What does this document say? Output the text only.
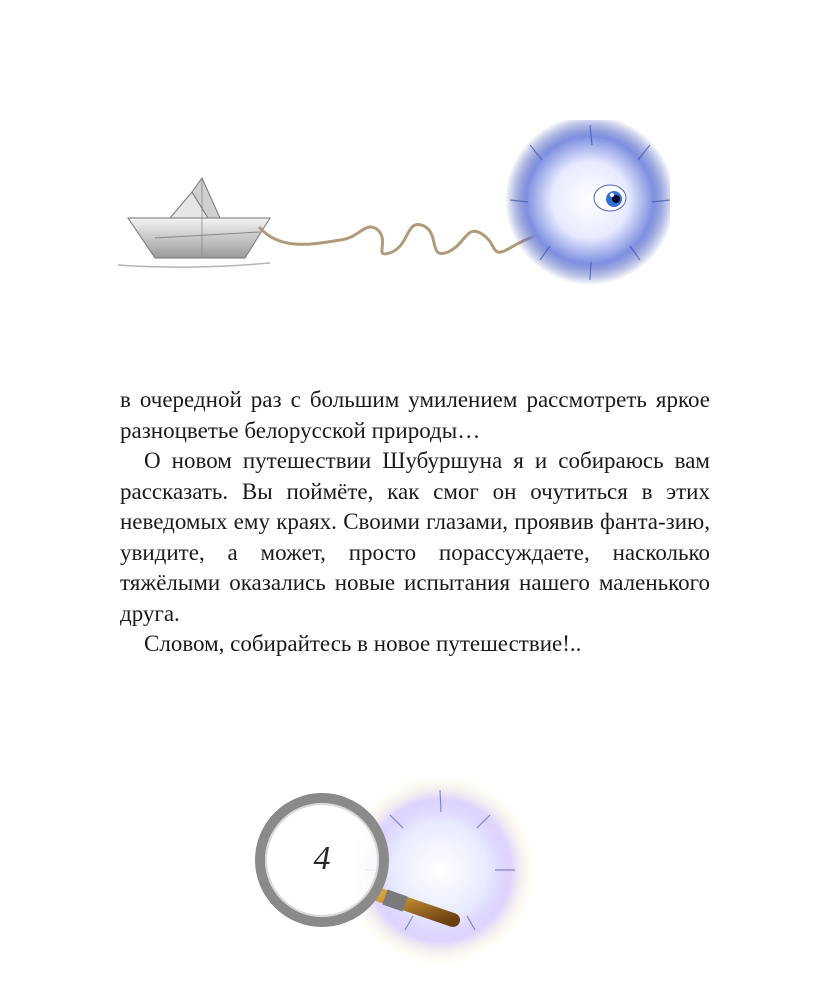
в очередной раз с большим умилением рассмотреть яркое разноцветье белорусской природы…

О новом путешествии Шубуршуна я и собираюсь вам рассказать. Вы поймёте, как смог он очутиться в этих неведомых ему краях. Своими глазами, проявив фанта-зию, увидите, а может, просто порассуждаете, насколько тяжёлыми оказались новые испытания нашего маленького друга.

Словом, собирайтесь в новое путешествие!..

4
